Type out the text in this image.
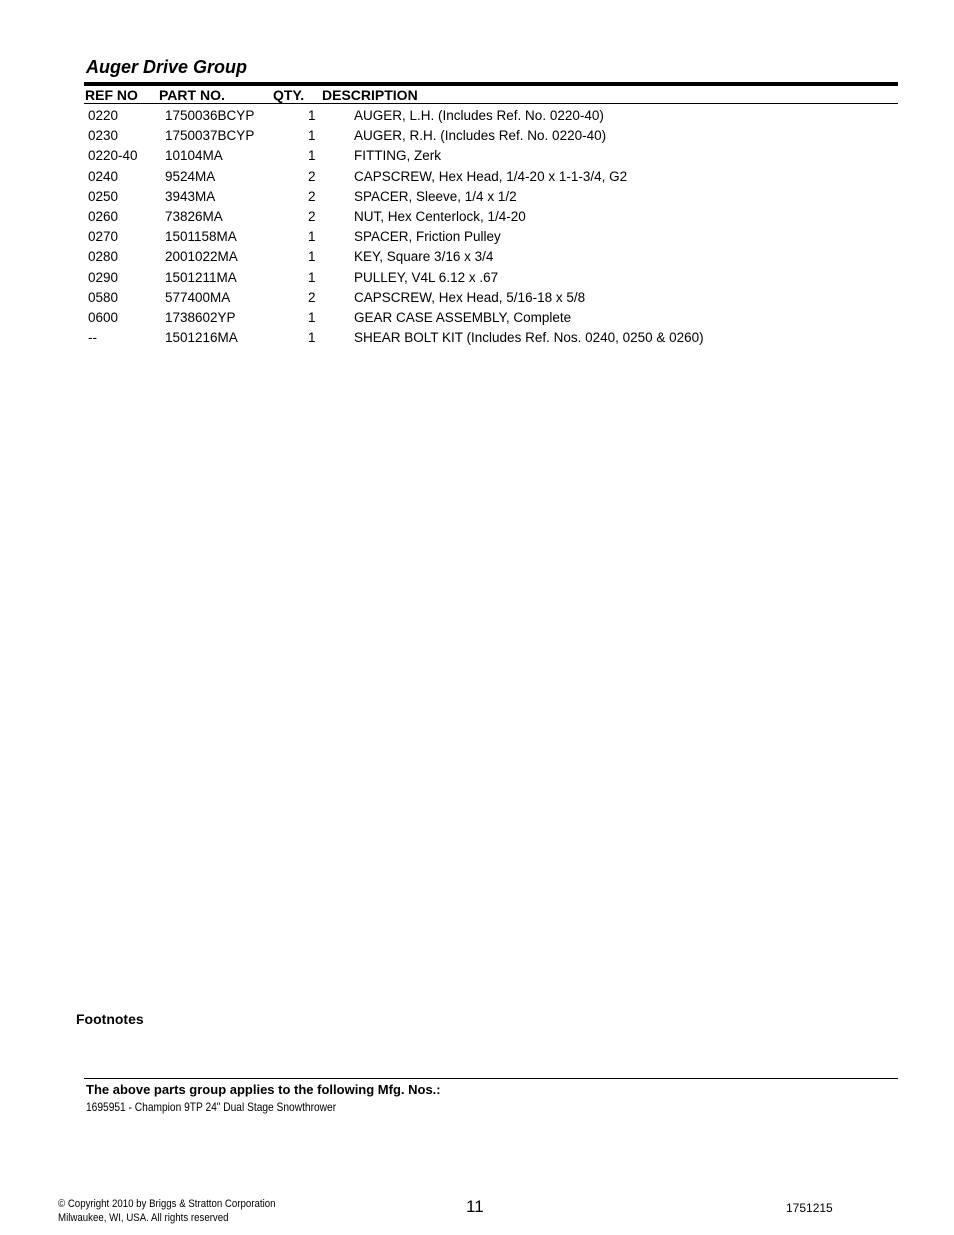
Auger Drive Group
REF NO PART NO.	QTY. DESCRIPTION
0220	1750036BCYP	1	AUGER, L.H. (Includes Ref. No. 0220-40)
0230	1750037BCYP	1	AUGER, R.H. (Includes Ref. No. 0220-40)
0220-40 10104MA	1	FITTING, Zerk
0240	9524MA	2	CAPSCREW, Hex Head, 1/4-20 x 1-1-3/4, G2
0250	3943MA	2	SPACER, Sleeve, 1/4 x 1/2
0260	73826MA	2	NUT, Hex Centerlock, 1/4-20
0270	1501158MA	1	SPACER, Friction Pulley
0280	2001022MA	1	KEY, Square 3/16 x 3/4
0290	1501211MA	1	PULLEY, V4L 6.12 x .67
0580	577400MA	2	CAPSCREW, Hex Head, 5/16-18 x 5/8
0600	1738602YP	1	GEAR CASE ASSEMBLY, Complete
--	1501216MA	1	SHEAR BOLT KIT (Includes Ref. Nos. 0240, 0250 & 0260)
Footnotes
The above parts group applies to the following Mfg. Nos.:
1695951 - Champion 9TP 24" Dual Stage Snowthrower
© Copyright 2010 by Briggs & Stratton Corporation
Milwaukee, WI, USA. All rights reserved
11	1751215
